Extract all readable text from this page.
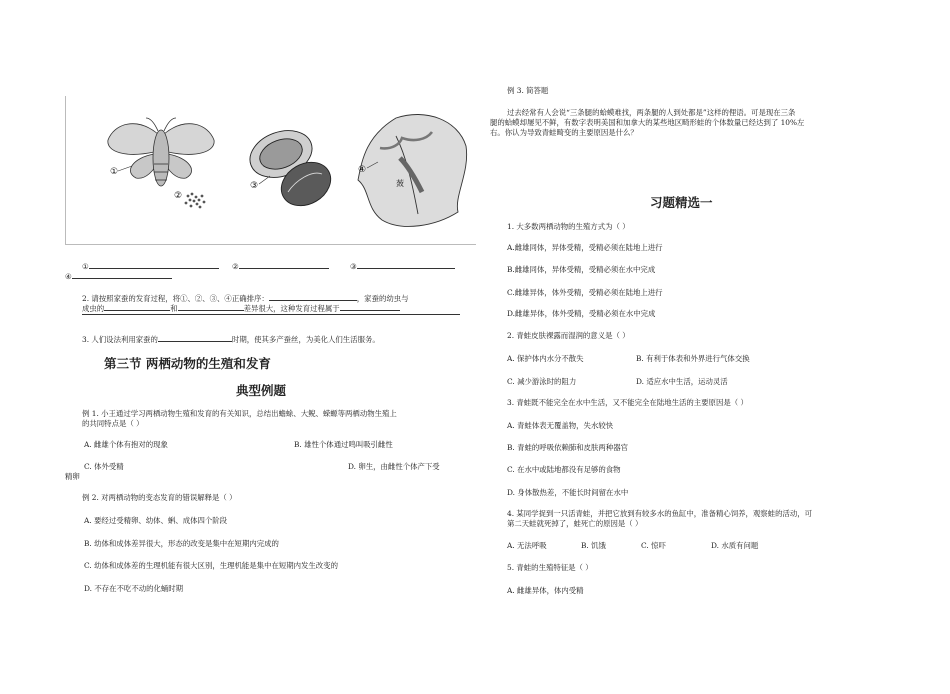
①
②
③
④
蔹
①	②	③
④
2. 请按照家蚕的发育过程，将①、②、③、④正确排序：	，家蚕的幼虫与
成虫的	和	差异很大，这种发育过程属于
3. 人们设法利用家蚕的	时期，使其多产蚕丝，为美化人们生活服务。
第三节 两栖动物的生殖和发育
典型例题
例 1. 小王通过学习两栖动物生殖和发育的有关知识，总结出蟾蜍、大鲵、蝾螈等两栖动物生殖上
的共同特点是（ ）
A. 雌雄个体有抱对的现象	B. 雄性个体通过鸣叫吸引雌性
C. 体外受精	D. 卵生，由雌性个体产下受
精卵
例 2. 对两栖动物的变态发育的错误解释是（ ）
A. 要经过受精卵、幼体、蝌、成体四个阶段
B. 幼体和成体差异很大，形态的改变是集中在短期内完成的
C. 幼体和成体差的生理机能有很大区别，生理机能是集中在短期内发生改变的
D. 不存在不吃不动的化蛹时期
例 3. 简答题
过去经常有人会说“三条腿的蛤蟆难找，两条腿的人到处都是”这样的俚语。可是现在三条
腿的蛤蟆却屡见不鲜，有数字表明美国和加拿大的某些地区畸形蛙的个体数量已经达到了 10%左
右。你认为导致青蛙畸变的主要原因是什么？
习题精选一
1. 大多数两栖动物的生殖方式为（ ）
A.雌雄同体，异体受精，受精必须在陆地上进行
B.雌雄同体，异体受精，受精必须在水中完成
C.雌雄异体，体外受精，受精必须在陆地上进行
D.雌雄异体，体外受精，受精必须在水中完成
2. 青蛙皮肤裸露而湿润的意义是（ ）
A. 保护体内水分不散失	B. 有利于体表和外界进行气体交换
C. 减少游泳时的阻力	D. 适应水中生活，运动灵活
3. 青蛙既不能完全在水中生活，又不能完全在陆地生活的主要原因是（ ）
A. 青蛙体表无覆盖物，失水较快
B. 青蛙的呼吸依赖肺和皮肤两种器官
C. 在水中或陆地都没有足够的食物
D. 身体散热差，不能长时间留在水中
4. 某同学捉到一只活青蛙，并把它放到有较多水的鱼缸中，准备精心饲养，观察蛙的活动，可
第二天蛙就死掉了，蛙死亡的原因是（ ）
A. 无法呼吸	B. 饥饿	C. 惊吓	D. 水质有问题
5. 青蛙的生殖特征是（ ）
A. 雌雄异体，体内受精
